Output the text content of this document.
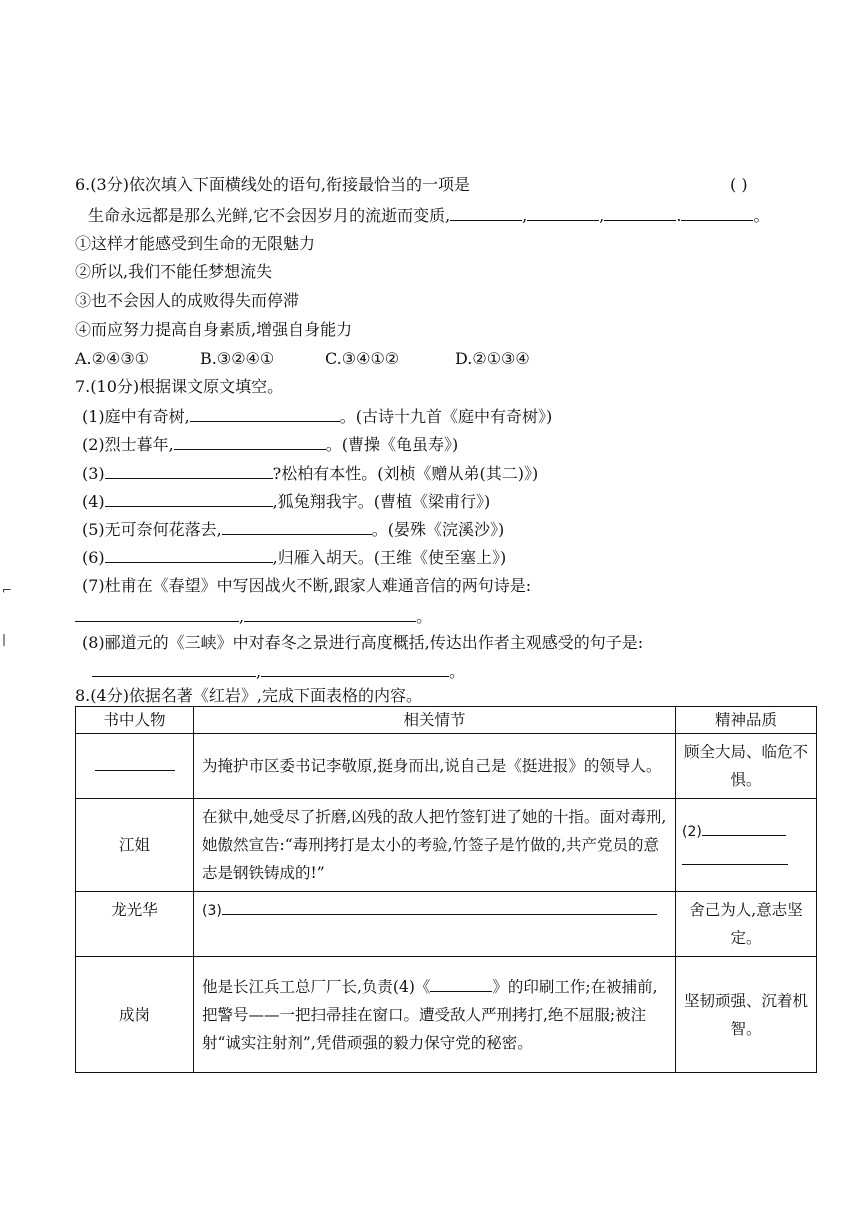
6.(3分)依次填入下面横线处的语句,衔接最恰当的一项是	( )
生命永远都是那么光鲜,它不会因岁月的流逝而变质,	,	,	.	。
①这样才能感受到生命的无限魅力
②所以,我们不能任梦想流失
③也不会因人的成败得失而停滞
④而应努力提高自身素质,增强自身能力
A.②④③①	B.③②④①	C.③④①②	D.②①③④
7.(10分)根据课文原文填空。
(1)庭中有奇树,	。(古诗十九首《庭中有奇树》)
(2)烈士暮年,	。(曹操《龟虽寿》)
(3)	?松柏有本性。(刘桢《赠从弟(其二)》)
(4)	,狐兔翔我宇。(曹植《梁甫行》)
(5)无可奈何花落去,	。(晏殊《浣溪沙》)
(6)	,归雁入胡天。(王维《使至塞上》)
(7)杜甫在《春望》中写因战火不断,跟家人难通音信的两句诗是:
,	。
(8)郦道元的《三峡》中对春冬之景进行高度概括,传达出作者主观感受的句子是:
,	。
8.(4分)依据名著《红岩》,完成下面表格的内容。
书中人物	相关情节	精神品质
	为掩护市区委书记李敬原,挺身而出,说自己是《挺进报》的领导人。	顾全大局、临危不惧。
江姐	在狱中,她受尽了折磨,凶残的敌人把竹签钉进了她的十指。面对毒刑,她傲然宣告:“毒刑拷打是太小的考验,竹签子是竹做的,共产党员的意志是钢铁铸成的!”	(2)

龙光华	(3)	舍己为人,意志坚定。
成岗	他是长江兵工总厂厂长,负责(4)《 》的印刷工作;在被捕前,把警号——一把扫帚挂在窗口。遭受敌人严刑拷打,绝不屈服;被注射“诚实注射剂”,凭借顽强的毅力保守党的秘密。	坚韧顽强、沉着机智。
⌐
|
